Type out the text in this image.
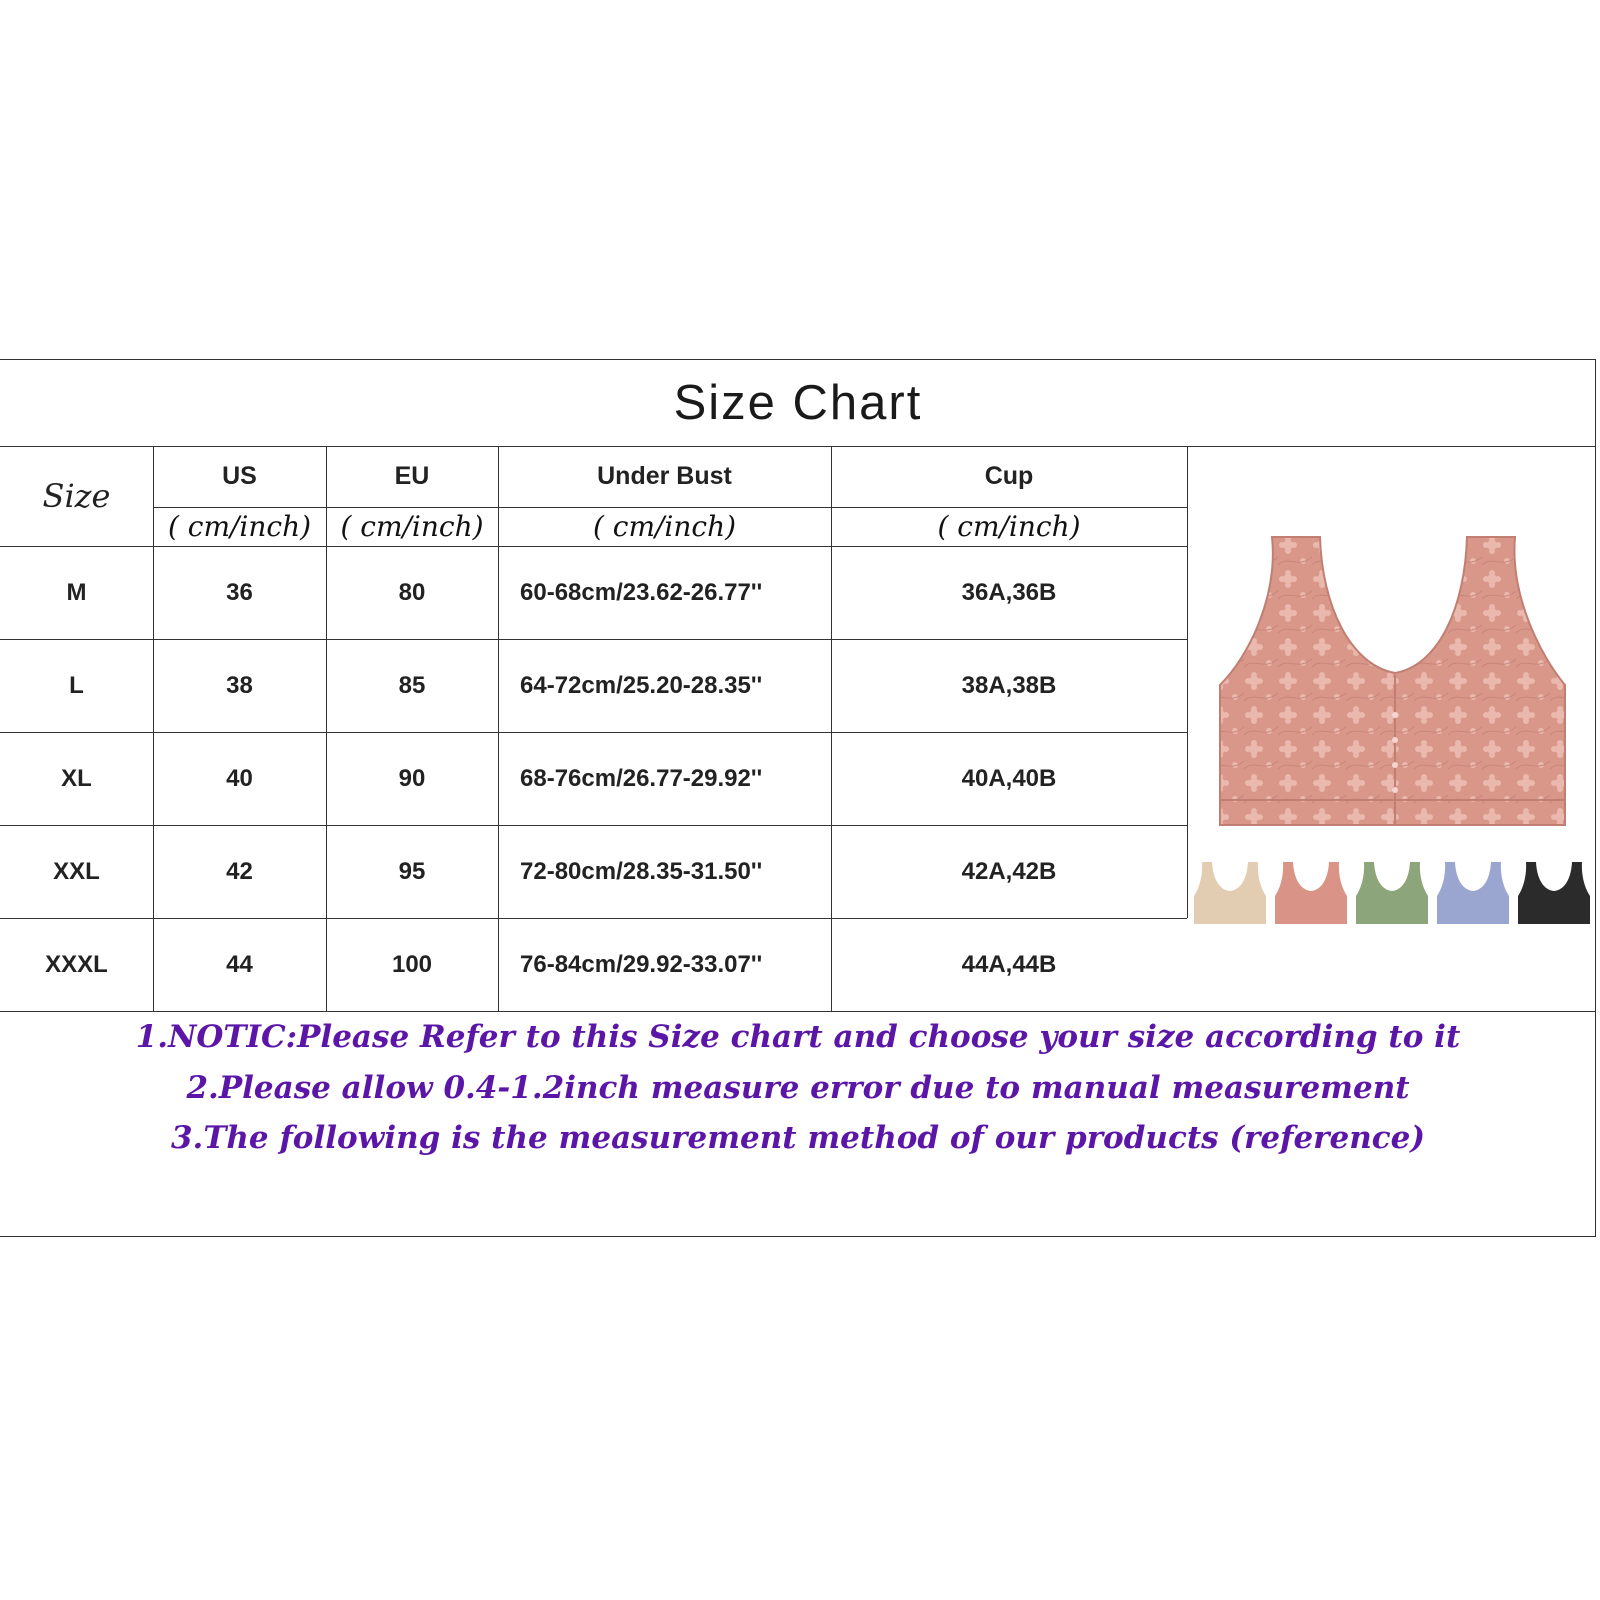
Size Chart
Size
US	EU	Under Bust	Cup
( cm/inch)	( cm/inch)	( cm/inch)	( cm/inch)
M	36	80	60-68cm/23.62-26.77''	36A,36B
L	38	85	64-72cm/25.20-28.35''	38A,38B
XL	40	90	68-76cm/26.77-29.92''	40A,40B
XXL	42	95	72-80cm/28.35-31.50''	42A,42B
XXXL	44	100	76-84cm/29.92-33.07''	44A,44B
1.NOTIC:Please Refer to this Size chart and choose your size according to it
2.Please allow 0.4-1.2inch measure error due to manual measurement
3.The following is the measurement method of our products (reference)
